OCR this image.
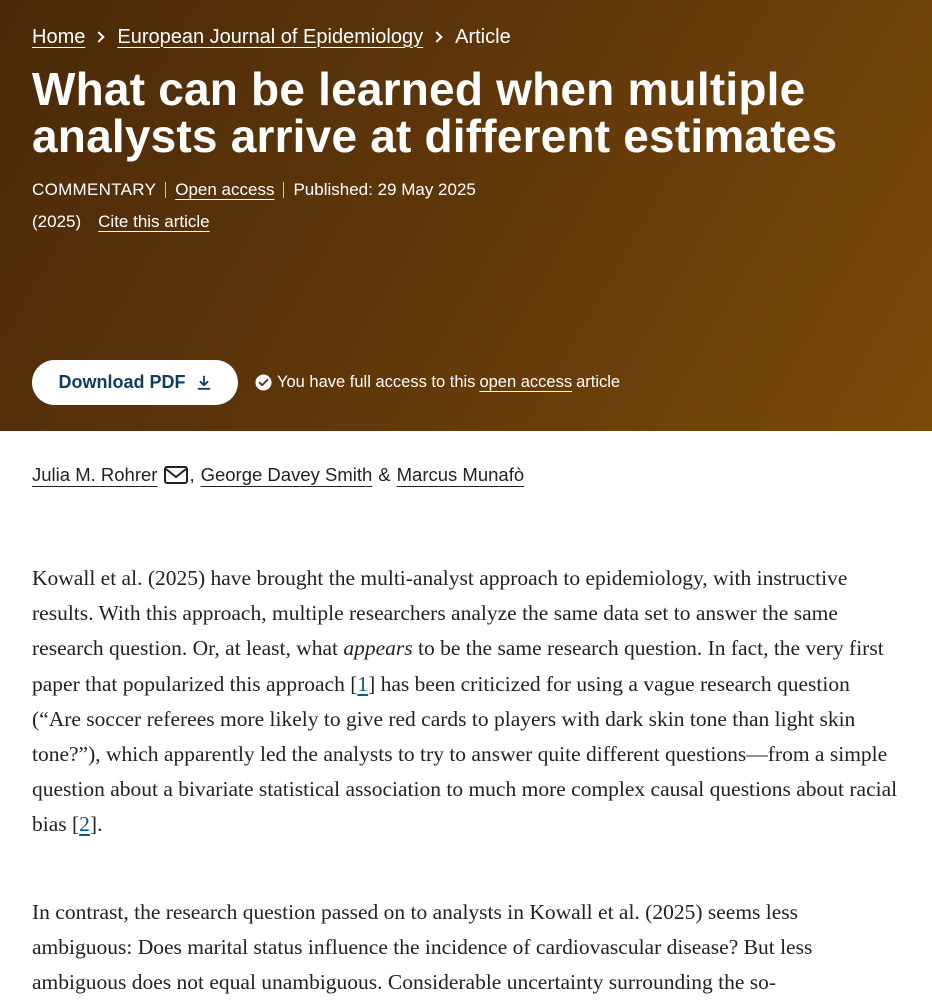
Home European Journal of Epidemiology Article
What can be learned when multiple analysts arrive at different estimates
COMMENTARY Open access Published: 29 May 2025
(2025) Cite this article
Download PDF	You have full access to this open access article
Julia M. Rohrer , George Davey Smith & Marcus Munafò

Kowall et al. (2025) have brought the multi-analyst approach to epidemiology, with instructive results. With this approach, multiple researchers analyze the same data set to answer the same research question. Or, at least, what appears to be the same research question. In fact, the very first paper that popularized this approach [1] has been criticized for using a vague research question (“Are soccer referees more likely to give red cards to players with dark skin tone than light skin tone?”), which apparently led the analysts to try to answer quite different questions—from a simple question about a bivariate statistical association to much more complex causal questions about racial bias [2].

In contrast, the research question passed on to analysts in Kowall et al. (2025) seems less ambiguous: Does marital status influence the incidence of cardiovascular disease? But less ambiguous does not equal unambiguous. Considerable uncertainty surrounding the so-
